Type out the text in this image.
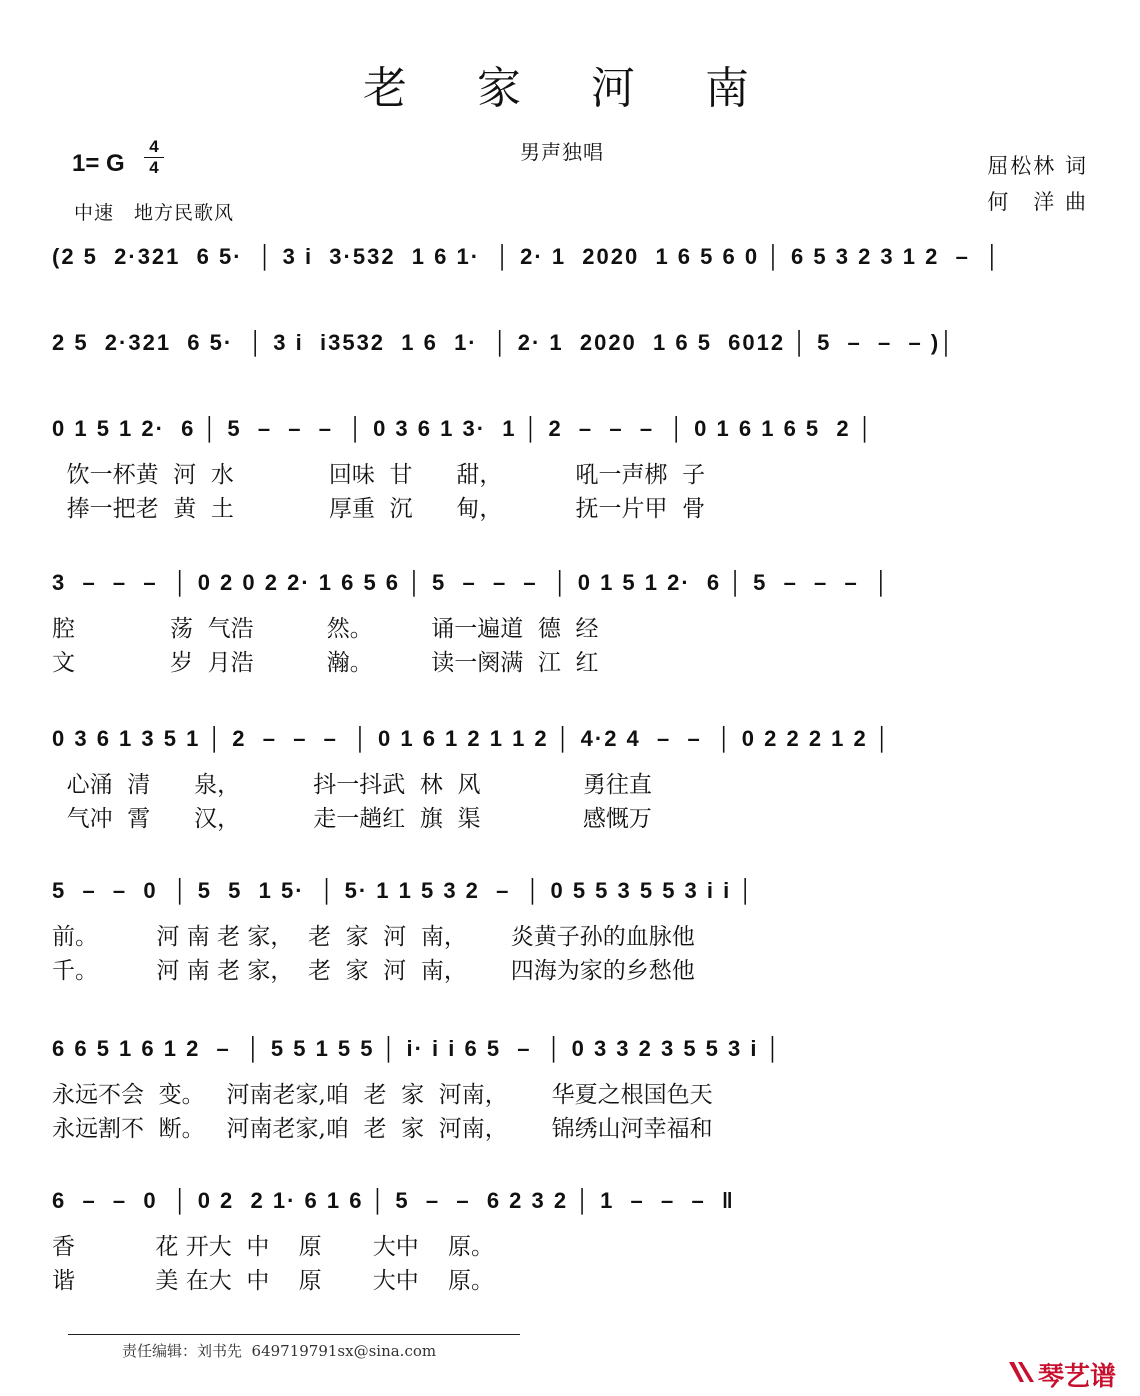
老 家 河 南
男声独唱
1= G
4
4
中速　地方民歌风
屈松林 词
何　洋 曲
(2 5  2·321  6 5·  │ 3 i  3·532  1 6 1·  │ 2· 1  2020  1 6 5 6 0 │ 6 5 3 2 3 1 2  –  │
2 5  2·321  6 5·  │ 3 i  i3532  1 6  1·  │ 2· 1  2020  1 6 5  6012 │ 5  –  –  – )│
0 1 5 1 2·  6 │ 5  –  –  –  │ 0 3 6 1 3·  1 │ 2  –  –  –  │ 0 1 6 1 6 5  2 │
饮一杯黄  河  水             回味  甘      甜，          吼一声梆  子
捧一把老  黄  土             厚重  沉      甸，          抚一片甲  骨
3  –  –  –  │ 0 2 0 2 2· 1 6 5 6 │ 5  –  –  –  │ 0 1 5 1 2·  6 │ 5  –  –  –  │
腔             荡  气浩          然。        诵一遍道  德  经
文             岁  月浩          瀚。        读一阕满  江  红
0 3 6 1 3 5 1 │ 2  –  –  –  │ 0 1 6 1 2 1 1 2 │ 4·2 4  –  –  │ 0 2 2 2 1 2 │
心涌  清      泉，          抖一抖武  林  风              勇往直
气冲  霄      汉，          走一趟红  旗  渠              感慨万
5  –  –  0  │ 5  5  1 5·  │ 5· 1 1 5 3 2  –  │ 0 5 5 3 5 5 3 i i │
前。        河 南 老 家，  老  家  河  南，      炎黄子孙的血脉他
千。        河 南 老 家，  老  家  河  南，      四海为家的乡愁他
6 6 5 1 6 1 2  –  │ 5 5 1 5 5 │ i· i i 6 5  –  │ 0 3 3 2 3 5 5 3 i │
永远不会  变。   河南老家,咱  老  家  河南，      华夏之根国色天
永远割不  断。   河南老家,咱  老  家  河南，      锦绣山河幸福和
6  –  –  0  │ 0 2  2 1· 6 1 6 │ 5  –  –  6 2 3 2 │ 1  –  –  –  ‖
香           花 开大  中    原       大中    原。
谐           美 在大  中    原       大中    原。
责任编辑：刘书先  649719791sx@sina.com
琴艺谱
